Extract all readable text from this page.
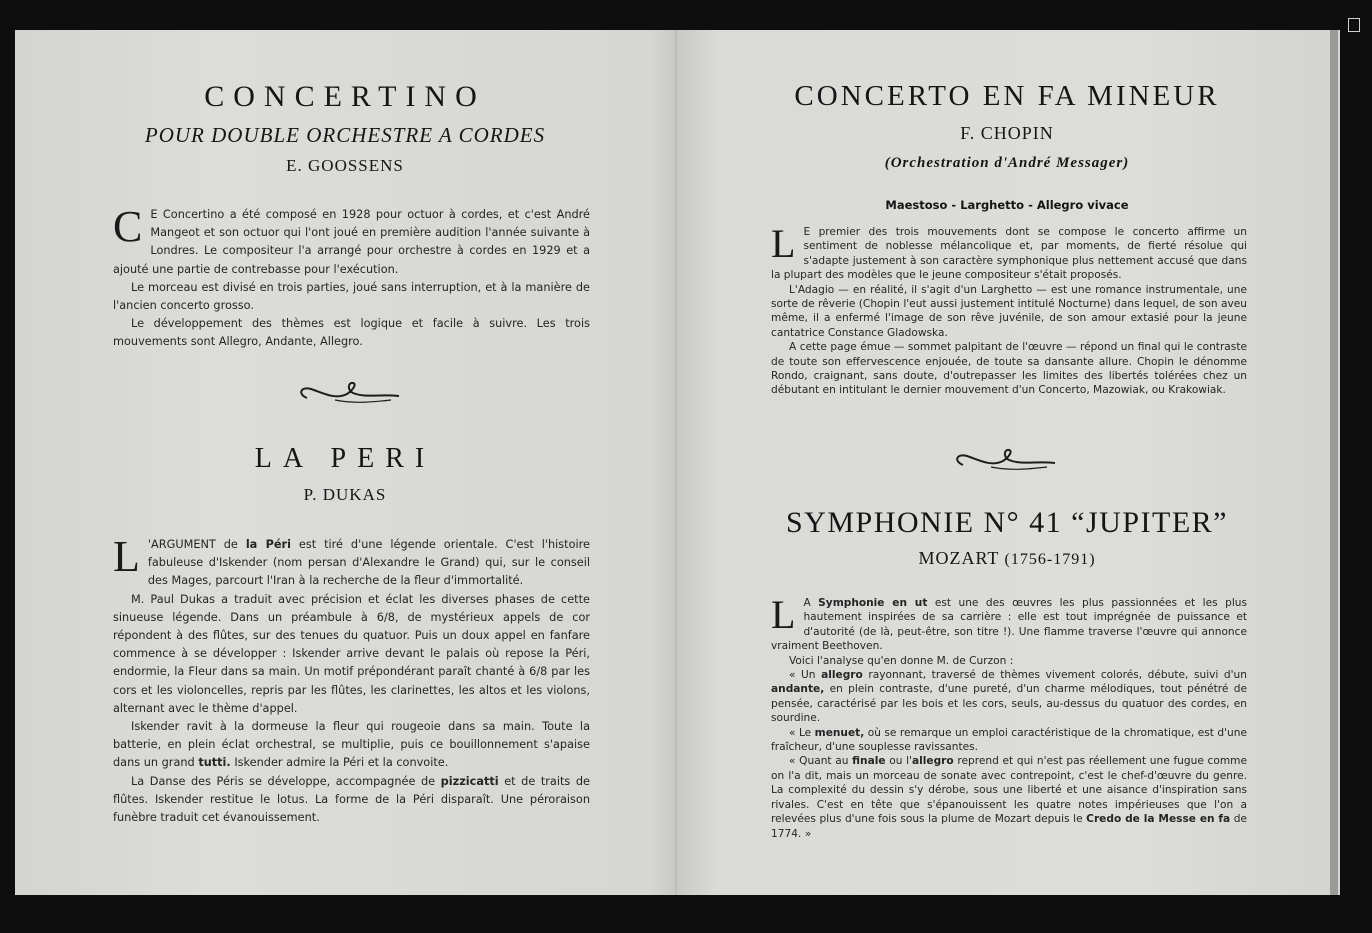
CONCERTINO
POUR DOUBLE ORCHESTRE A CORDES
E. GOOSSENS
C E Concertino a été composé en 1928 pour octuor à cordes, et c'est André Mangeot et son octuor qui l'ont joué en première audition l'année suivante à Londres. Le compositeur l'a arrangé pour orchestre à cordes en 1929 et a ajouté une partie de contrebasse pour l'exécution.

Le morceau est divisé en trois parties, joué sans interruption, et à la manière de l'ancien concerto grosso.

Le développement des thèmes est logique et facile à suivre. Les trois mouvements sont Allegro, Andante, Allegro.

LA PERI
P. DUKAS
L 'ARGUMENT de la Péri est tiré d'une légende orientale. C'est l'histoire fabuleuse d'Iskender (nom persan d'Alexandre le Grand) qui, sur le conseil des Mages, parcourt l'Iran à la recherche de la fleur d'immortalité.

M. Paul Dukas a traduit avec précision et éclat les diverses phases de cette sinueuse légende. Dans un préambule à 6/8, de mystérieux appels de cor répondent à des flûtes, sur des tenues du quatuor. Puis un doux appel en fanfare commence à se développer : Iskender arrive devant le palais où repose la Péri, endormie, la Fleur dans sa main. Un motif prépondérant paraît chanté à 6/8 par les cors et les violoncelles, repris par les flûtes, les clarinettes, les altos et les violons, alternant avec le thème d'appel.

Iskender ravit à la dormeuse la fleur qui rougeoie dans sa main. Toute la batterie, en plein éclat orchestral, se multiplie, puis ce bouillonnement s'apaise dans un grand tutti. Iskender admire la Péri et la convoite.

La Danse des Péris se développe, accompagnée de pizzicatti et de traits de flûtes. Iskender restitue le lotus. La forme de la Péri disparaît. Une péroraison funèbre traduit cet évanouissement.

CONCERTO EN FA MINEUR
F. CHOPIN
(Orchestration d'André Messager)
Maestoso - Larghetto - Allegro vivace
L E premier des trois mouvements dont se compose le concerto affirme un sentiment de noblesse mélancolique et, par moments, de fierté résolue qui s'adapte justement à son caractère symphonique plus nettement accusé que dans la plupart des modèles que le jeune compositeur s'était proposés.

L'Adagio — en réalité, il s'agit d'un Larghetto — est une romance instrumentale, une sorte de rêverie (Chopin l'eut aussi justement intitulé Nocturne) dans lequel, de son aveu même, il a enfermé l'image de son rêve juvénile, de son amour extasié pour la jeune cantatrice Constance Gladowska.

A cette page émue — sommet palpitant de l'œuvre — répond un final qui le contraste de toute son effervescence enjouée, de toute sa dansante allure. Chopin le dénomme Rondo, craignant, sans doute, d'outrepasser les limites des libertés tolérées chez un débutant en intitulant le dernier mouvement d'un Concerto, Mazowiak, ou Krakowiak.

SYMPHONIE N° 41 “JUPITER”
MOZART (1756-1791)
L A Symphonie en ut est une des œuvres les plus passionnées et les plus hautement inspirées de sa carrière : elle est tout imprégnée de puissance et d'autorité (de là, peut-être, son titre !). Une flamme traverse l'œuvre qui annonce vraiment Beethoven.

Voici l'analyse qu'en donne M. de Curzon :

« Un allegro rayonnant, traversé de thèmes vivement colorés, débute, suivi d'un andante, en plein contraste, d'une pureté, d'un charme mélodiques, tout pénétré de pensée, caractérisé par les bois et les cors, seuls, au-dessus du quatuor des cordes, en sourdine.

« Le menuet, où se remarque un emploi caractéristique de la chromatique, est d'une fraîcheur, d'une souplesse ravissantes.

« Quant au finale ou l'allegro reprend et qui n'est pas réellement une fugue comme on l'a dit, mais un morceau de sonate avec contrepoint, c'est le chef-d'œuvre du genre. La complexité du dessin s'y dérobe, sous une liberté et une aisance d'inspiration sans rivales. C'est en tête que s'épanouissent les quatre notes impérieuses que l'on a relevées plus d'une fois sous la plume de Mozart depuis le Credo de la Messe en fa de 1774. »
